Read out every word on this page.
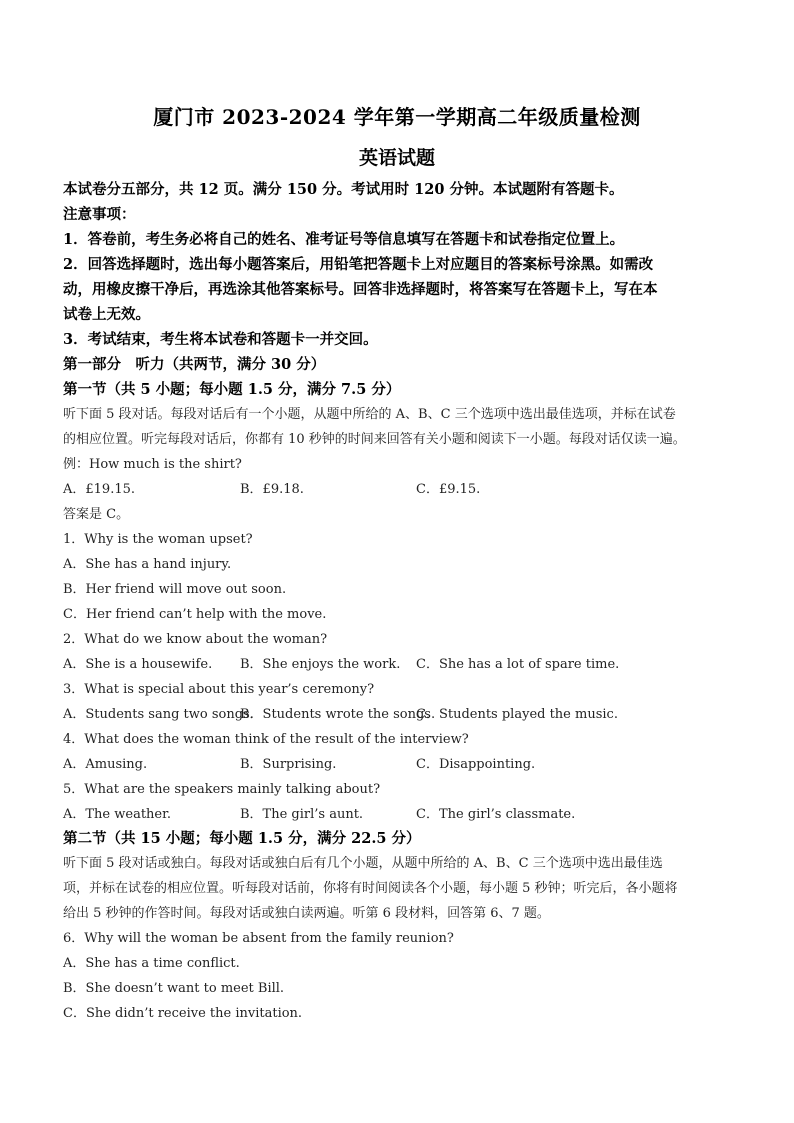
厦门市 2023-2024 学年第一学期高二年级质量检测
英语试题

本试卷分五部分，共 12 页。满分 150 分。考试用时 120 分钟。本试题附有答题卡。

注意事项：

1．答卷前，考生务必将自己的姓名、准考证号等信息填写在答题卡和试卷指定位置上。

2．回答选择题时，选出每小题答案后，用铅笔把答题卡上对应题目的答案标号涂黑。如需改

动，用橡皮擦干净后，再选涂其他答案标号。回答非选择题时，将答案写在答题卡上，写在本

试卷上无效。

3．考试结束，考生将本试卷和答题卡一并交回。

第一部分　听力（共两节，满分 30 分）

第一节（共 5 小题；每小题 1.5 分，满分 7.5 分）

听下面 5 段对话。每段对话后有一个小题，从题中所给的 A、B、C 三个选项中选出最佳选项，并标在试卷

的相应位置。听完每段对话后，你都有 10 秒钟的时间来回答有关小题和阅读下一小题。每段对话仅读一遍。

例：How much is the shirt?

A．£19.15.	B．£9.18.	C．£9.15.

答案是 C。

1．Why is the woman upset?

A．She has a hand injury.

B．Her friend will move out soon.

C．Her friend can’t help with the move.

2．What do we know about the woman?

A．She is a housewife. B．She enjoys the work. C．She has a lot of spare time.

3．What is special about this year’s ceremony?

A．Students sang two songs.
B．Students wrote the songs.
C．Students played the music.

4．What does the woman think of the result of the interview?

A．Amusing.	B．Surprising.	C．Disappointing.

5．What are the speakers mainly talking about?

A．The weather.	B．The girl’s aunt.	C．The girl’s classmate.

第二节（共 15 小题；每小题 1.5 分，满分 22.5 分）

听下面 5 段对话或独白。每段对话或独白后有几个小题，从题中所给的 A、B、C 三个选项中选出最佳选

项，并标在试卷的相应位置。听每段对话前，你将有时间阅读各个小题，每小题 5 秒钟；听完后，各小题将

给出 5 秒钟的作答时间。每段对话或独白读两遍。听第 6 段材料，回答第 6、7 题。

6．Why will the woman be absent from the family reunion?

A．She has a time conflict.

B．She doesn’t want to meet Bill.

C．She didn’t receive the invitation.
